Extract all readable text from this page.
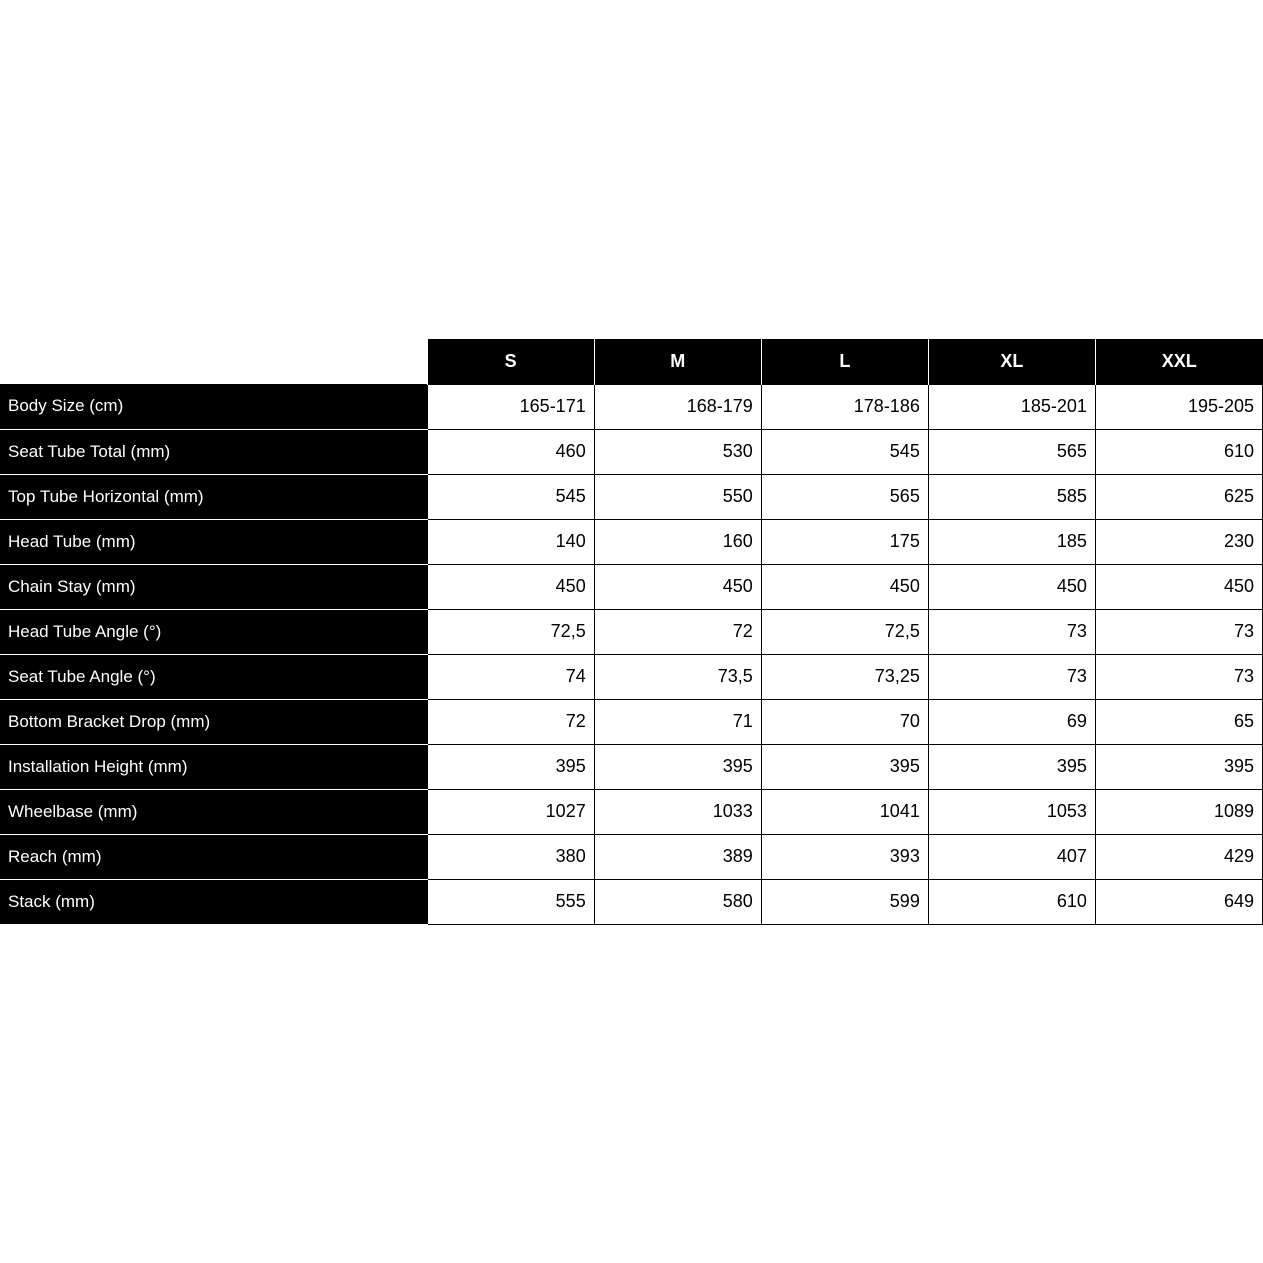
	S	M	L	XL	XXL
Body Size (cm)	165-171	168-179	178-186	185-201	195-205
Seat Tube Total (mm)	460	530	545	565	610
Top Tube Horizontal (mm)	545	550	565	585	625
Head Tube (mm)	140	160	175	185	230
Chain Stay (mm)	450	450	450	450	450
Head Tube Angle (°)	72,5	72	72,5	73	73
Seat Tube Angle (°)	74	73,5	73,25	73	73
Bottom Bracket Drop (mm)	72	71	70	69	65
Installation Height (mm)	395	395	395	395	395
Wheelbase (mm)	1027	1033	1041	1053	1089
Reach (mm)	380	389	393	407	429
Stack (mm)	555	580	599	610	649
